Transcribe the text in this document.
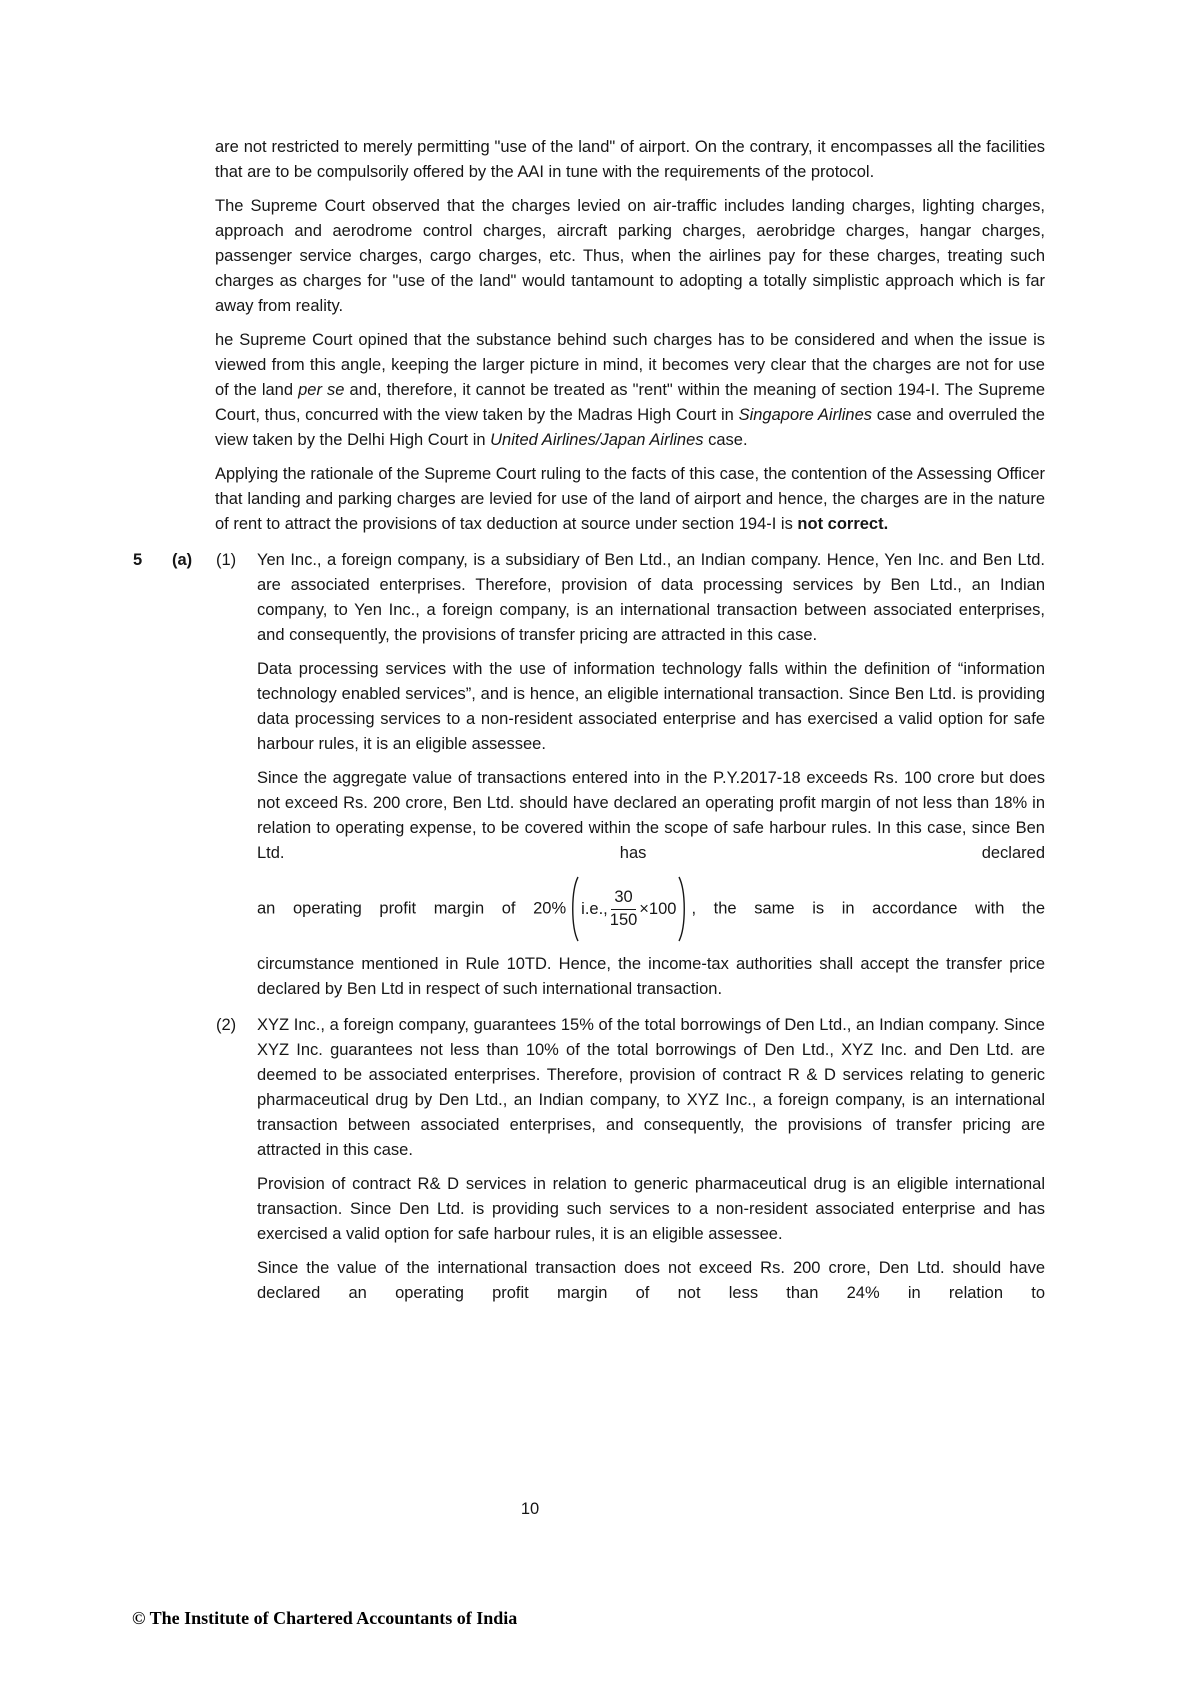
are not restricted to merely permitting "use of the land" of airport. On the contrary, it encompasses all the facilities that are to be compulsorily offered by the AAI in tune with the requirements of the protocol.

The Supreme Court observed that the charges levied on air-traffic includes landing charges, lighting charges, approach and aerodrome control charges, aircraft parking charges, aerobridge charges, hangar charges, passenger service charges, cargo charges, etc. Thus, when the airlines pay for these charges, treating such charges as charges for "use of the land" would tantamount to adopting a totally simplistic approach which is far away from reality.

he Supreme Court opined that the substance behind such charges has to be considered and when the issue is viewed from this angle, keeping the larger picture in mind, it becomes very clear that the charges are not for use of the land per se and, therefore, it cannot be treated as "rent" within the meaning of section 194-I. The Supreme Court, thus, concurred with the view taken by the Madras High Court in Singapore Airlines case and overruled the view taken by the Delhi High Court in United Airlines/Japan Airlines case.

Applying the rationale of the Supreme Court ruling to the facts of this case, the contention of the Assessing Officer that landing and parking charges are levied for use of the land of airport and hence, the charges are in the nature of rent to attract the provisions of tax deduction at source under section 194-I is not correct.

5	(a)	(1)	Yen Inc., a foreign company, is a subsidiary of Ben Ltd., an Indian company. Hence, Yen Inc. and Ben Ltd. are associated enterprises. Therefore, provision of data processing services by Ben Ltd., an Indian company, to Yen Inc., a foreign company, is an international transaction between associated enterprises, and consequently, the provisions of transfer pricing are attracted in this case.

Data processing services with the use of information technology falls within the definition of “information technology enabled services”, and is hence, an eligible international transaction. Since Ben Ltd. is providing data processing services to a non-resident associated enterprise and has exercised a valid option for safe harbour rules, it is an eligible assessee.

Since the aggregate value of transactions entered into in the P.Y.2017-18 exceeds Rs. 100 crore but does not exceed Rs. 200 crore, Ben Ltd. should have declared an operating profit margin of not less than 18% in relation to operating expense, to be covered within the scope of safe harbour rules. In this case, since Ben Ltd. has declared

an operating profit margin of 20% i.e., $\frac{30}{150} \times 100$ , the same is in accordance with the

circumstance mentioned in Rule 10TD. Hence, the income-tax authorities shall accept the transfer price declared by Ben Ltd in respect of such international transaction.

(2)	XYZ Inc., a foreign company, guarantees 15% of the total borrowings of Den Ltd., an Indian company. Since XYZ Inc. guarantees not less than 10% of the total borrowings of Den Ltd., XYZ Inc. and Den Ltd. are deemed to be associated enterprises. Therefore, provision of contract R & D services relating to generic pharmaceutical drug by Den Ltd., an Indian company, to XYZ Inc., a foreign company, is an international transaction between associated enterprises, and consequently, the provisions of transfer pricing are attracted in this case.

Provision of contract R& D services in relation to generic pharmaceutical drug is an eligible international transaction. Since Den Ltd. is providing such services to a non-resident associated enterprise and has exercised a valid option for safe harbour rules, it is an eligible assessee.

Since the value of the international transaction does not exceed Rs. 200 crore, Den Ltd. should have declared an operating profit margin of not less than 24% in relation to

10
© The Institute of Chartered Accountants of India
